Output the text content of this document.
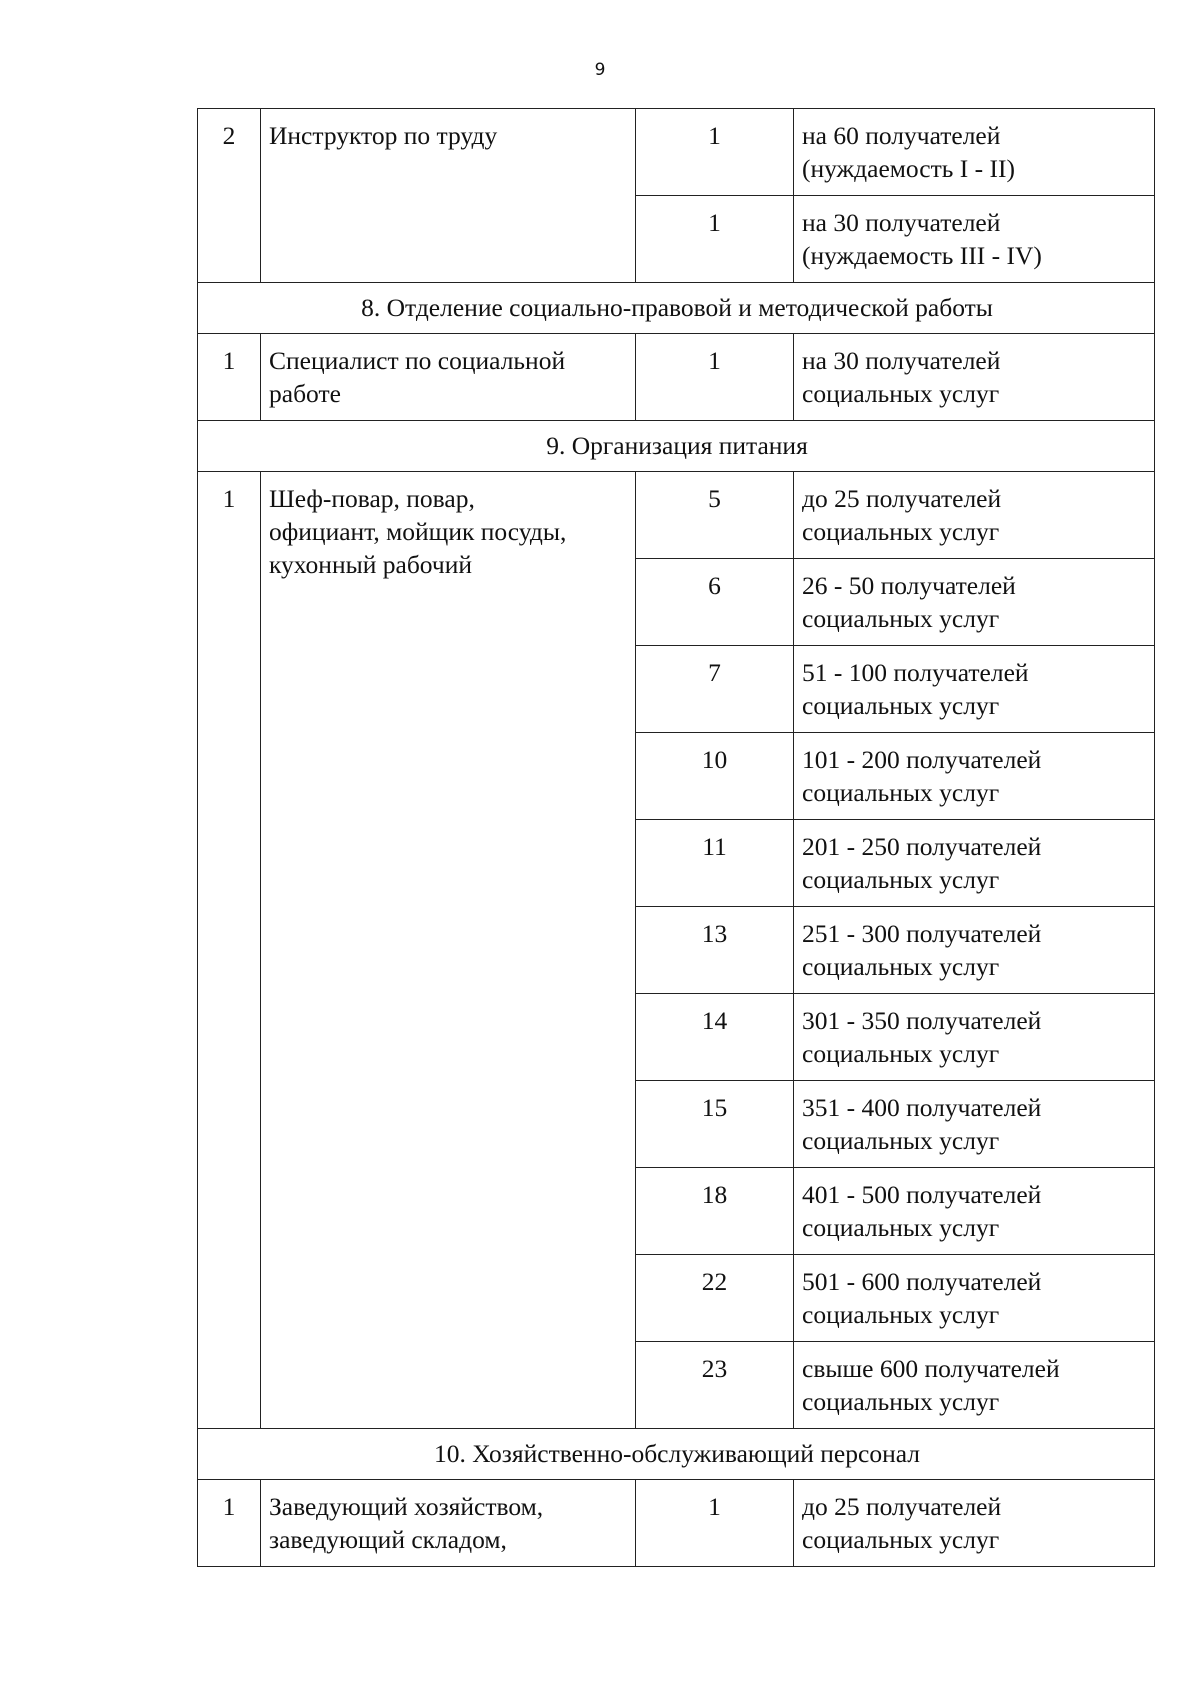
9
2	Инструктор по труду	1	на 60 получателей
(нуждаемость I - II)

		1	на 30 получателей
(нуждаемость III - IV)

8. Отделение социально-правовой и методической работы			
1	Специалист по социальной
работе	1	на 30 получателей
социальных услуг

9. Организация питания			
1	Шеф-повар, повар,
официант, мойщик посуды,
кухонный рабочий	5	до 25 получателей
социальных услуг

		6	26 - 50 получателей
социальных услуг

		7	51 - 100 получателей
социальных услуг

		10	101 - 200 получателей
социальных услуг

		11	201 - 250 получателей
социальных услуг

		13	251 - 300 получателей
социальных услуг

		14	301 - 350 получателей
социальных услуг

		15	351 - 400 получателей
социальных услуг

		18	401 - 500 получателей
социальных услуг

		22	501 - 600 получателей
социальных услуг

		23	свыше 600 получателей
социальных услуг

10. Хозяйственно-обслуживающий персонал			
1	Заведующий хозяйством,
заведующий складом,	1	до 25 получателей
социальных услуг
